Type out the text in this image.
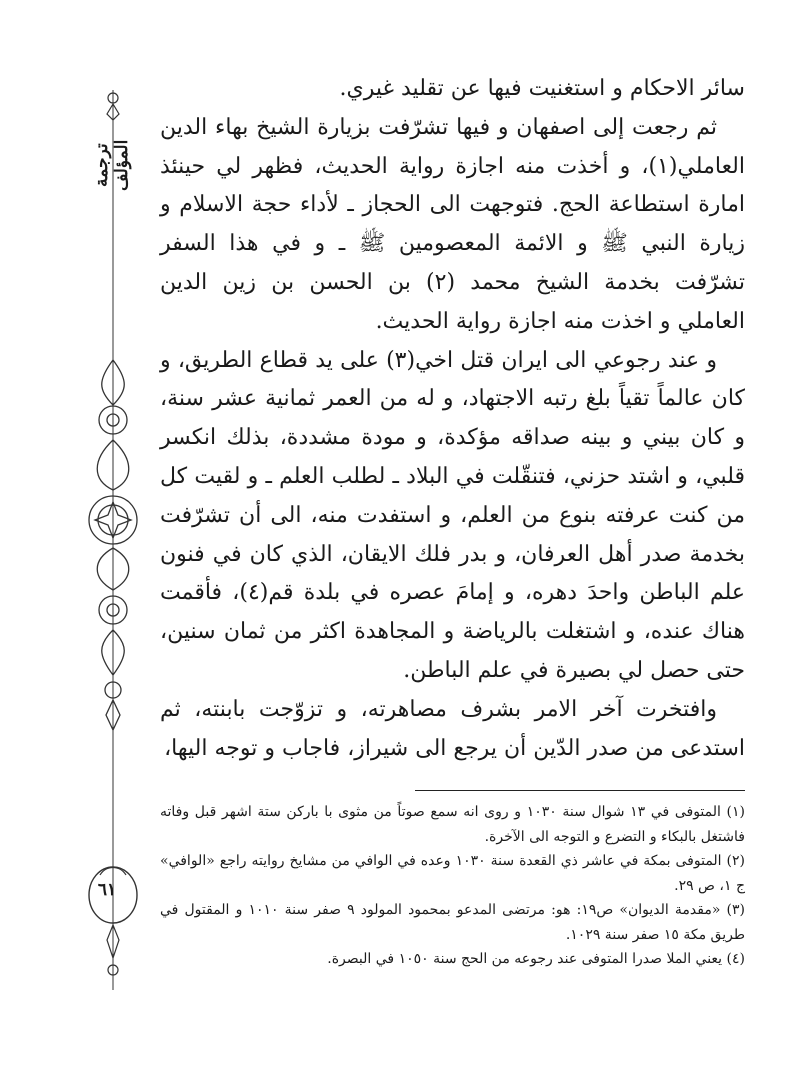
ترجمة المؤلف
٦١

سائر الاحكام و استغنيت فيها عن تقليد غيري.

ثم رجعت إلى اصفهان و فيها تشرّفت بزيارة الشيخ بهاء الدين العاملي(١)، و أخذت منه اجازة رواية الحديث، فظهر لي حينئذ امارة استطاعة الحج. فتوجهت الى الحجاز ـ لأداء حجة الاسلام و زيارة النبي ﷺ و الائمة المعصومين ﷺ ـ و في هذا السفر تشرّفت بخدمة الشيخ محمد (٢) بن الحسن بن زين الدين العاملي و اخذت منه اجازة رواية الحديث.

و عند رجوعي الى ايران قتل اخي(٣) على يد قطاع الطريق، و كان عالماً تقياً بلغ رتبه الاجتهاد، و له من العمر ثمانية عشر سنة، و كان بيني و بينه صداقه مؤكدة، و مودة مشددة، بذلك انكسر قلبي، و اشتد حزني، فتنقّلت في البلاد ـ لطلب العلم ـ و لقيت كل من كنت عرفته بنوع من العلم، و استفدت منه، الى أن تشرّفت بخدمة صدر أهل العرفان، و بدر فلك الايقان، الذي كان في فنون علم الباطن واحدَ دهره، و إمامَ عصره في بلدة قم(٤)، فأقمت هناك عنده، و اشتغلت بالرياضة و المجاهدة اكثر من ثمان سنين، حتى حصل لي بصيرة في علم الباطن.

وافتخرت آخر الامر بشرف مصاهرته، و تزوّجت بابنته، ثم استدعى من صدر الدّين أن يرجع الى شيراز، فاجاب و توجه اليها،

(١) المتوفى في ١٣ شوال سنة ١٠٣٠ و روى انه سمع صوتاً من مثوى با باركن ستة اشهر قبل وفاته فاشتغل بالبكاء و التضرع و التوجه الى الآخرة.

(٢) المتوفى بمكة في عاشر ذي القعدة سنة ١٠٣٠ وعده في الوافي من مشايخ روايته راجع «الوافي» ج ١، ص ٢٩.

(٣) «مقدمة الديوان» ص١٩: هو: مرتضى المدعو بمحمود المولود ٩ صفر سنة ١٠١٠ و المقتول في طريق مكة ١٥ صفر سنة ١٠٢٩.

(٤) يعني الملا صدرا المتوفى عند رجوعه من الحج سنة ١٠٥٠ في البصرة.
